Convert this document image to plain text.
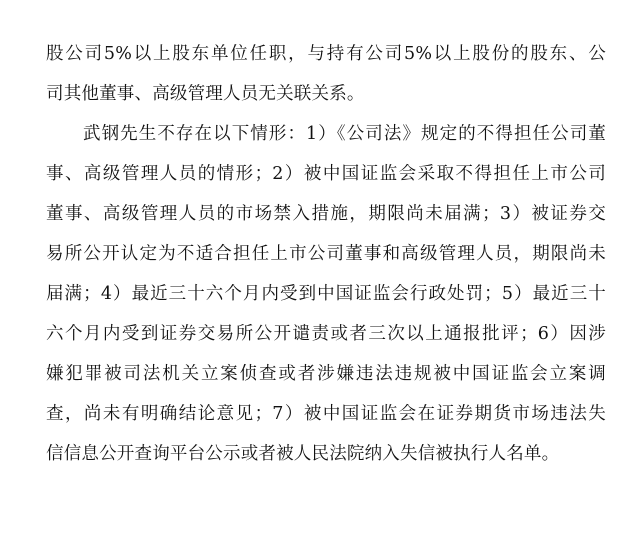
股公司5%以上股东单位任职，与持有公司5%以上股份的股东、公
司其他董事、高级管理人员无关联关系。
武钢先生不存在以下情形：1）《公司法》规定的不得担任公司董
事、高级管理人员的情形；2）被中国证监会采取不得担任上市公司
董事、高级管理人员的市场禁入措施，期限尚未届满；3）被证券交
易所公开认定为不适合担任上市公司董事和高级管理人员，期限尚未
届满；4）最近三十六个月内受到中国证监会行政处罚；5）最近三十
六个月内受到证券交易所公开谴责或者三次以上通报批评；6）因涉
嫌犯罪被司法机关立案侦查或者涉嫌违法违规被中国证监会立案调
查，尚未有明确结论意见；7）被中国证监会在证券期货市场违法失
信信息公开查询平台公示或者被人民法院纳入失信被执行人名单。
